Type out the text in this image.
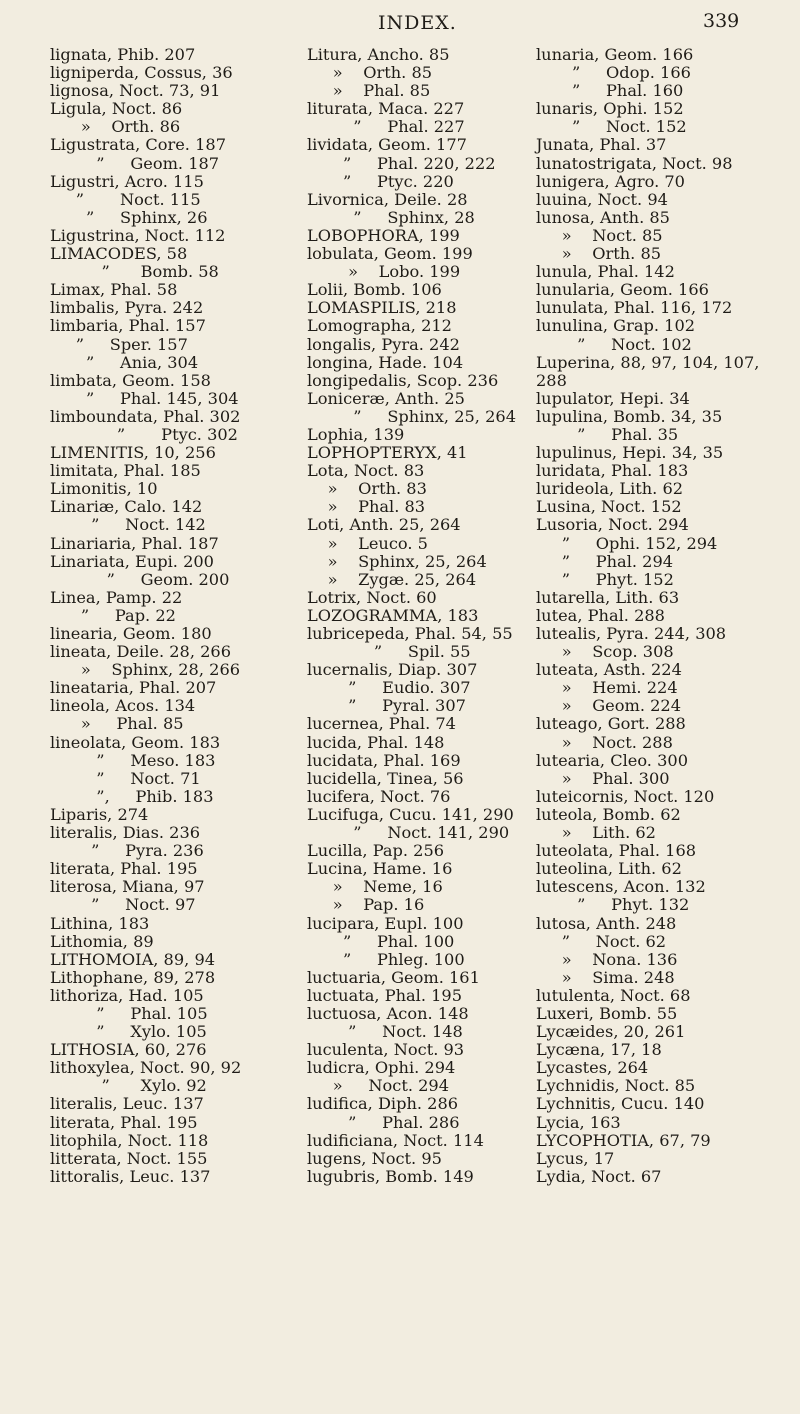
INDEX.	339
lignata, Phib. 207
ligniperda, Cossus, 36
lignosa, Noct. 73, 91
Ligula, Noct. 86
»    Orth. 86
Ligustrata, Core. 187
”     Geom. 187
Ligustri, Acro. 115
”       Noct. 115
”     Sphinx, 26
Ligustrina, Noct. 112
LIMACODES, 58
”      Bomb. 58
Limax, Phal. 58
limbalis, Pyra. 242
limbaria, Phal. 157
”     Sper. 157
”     Ania, 304
limbata, Geom. 158
”     Phal. 145, 304
limboundata, Phal. 302
”       Ptyc. 302
LIMENITIS, 10, 256
limitata, Phal. 185
Limonitis, 10
Linariæ, Calo. 142
”     Noct. 142
Linariaria, Phal. 187
Linariata, Eupi. 200
”     Geom. 200
Linea, Pamp. 22
”     Pap. 22
linearia, Geom. 180
lineata, Deile. 28, 266
»    Sphinx, 28, 266
lineataria, Phal. 207
lineola, Acos. 134
»     Phal. 85
lineolata, Geom. 183
”     Meso. 183
”     Noct. 71
”,     Phib. 183
Liparis, 274
literalis, Dias. 236
”     Pyra. 236
literata, Phal. 195
literosa, Miana, 97
”     Noct. 97
Lithina, 183
Lithomia, 89
LITHOMOIA, 89, 94
Lithophane, 89, 278
lithoriza, Had. 105
”     Phal. 105
”     Xylo. 105
LITHOSIA, 60, 276
lithoxylea, Noct. 90, 92
”      Xylo. 92
literalis, Leuc. 137
literata, Phal. 195
litophila, Noct. 118
litterata, Noct. 155
littoralis, Leuc. 137
Litura, Ancho. 85
»    Orth. 85
»    Phal. 85
liturata, Maca. 227
”     Phal. 227
lividata, Geom. 177
”     Phal. 220, 222
”     Ptyc. 220
Livornica, Deile. 28
”     Sphinx, 28
LOBOPHORA, 199
lobulata, Geom. 199
»    Lobo. 199
Lolii, Bomb. 106
LOMASPILIS, 218
Lomographa, 212
longalis, Pyra. 242
longina, Hade. 104
longipedalis, Scop. 236
Loniceræ, Anth. 25
”     Sphinx, 25, 264
Lophia, 139
LOPHOPTERYX, 41
Lota, Noct. 83
»    Orth. 83
»    Phal. 83
Loti, Anth. 25, 264
»    Leuco. 5
»    Sphinx, 25, 264
»    Zygæ. 25, 264
Lotrix, Noct. 60
LOZOGRAMMA, 183
lubricepeda, Phal. 54, 55
”     Spil. 55
lucernalis, Diap. 307
”     Eudio. 307
”     Pyral. 307
lucernea, Phal. 74
lucida, Phal. 148
lucidata, Phal. 169
lucidella, Tinea, 56
lucifera, Noct. 76
Lucifuga, Cucu. 141, 290
”     Noct. 141, 290
Lucilla, Pap. 256
Lucina, Hame. 16
»    Neme, 16
»    Pap. 16
lucipara, Eupl. 100
”     Phal. 100
”     Phleg. 100
luctuaria, Geom. 161
luctuata, Phal. 195
luctuosa, Acon. 148
”     Noct. 148
luculenta, Noct. 93
ludicra, Ophi. 294
»     Noct. 294
ludifica, Diph. 286
”     Phal. 286
ludificiana, Noct. 114
lugens, Noct. 95
lugubris, Bomb. 149
lunaria, Geom. 166
”     Odop. 166
”     Phal. 160
lunaris, Ophi. 152
”     Noct. 152
Junata, Phal. 37
lunatostrigata, Noct. 98
lunigera, Agro. 70
luuina, Noct. 94
lunosa, Anth. 85
»    Noct. 85
»    Orth. 85
lunula, Phal. 142
lunularia, Geom. 166
lunulata, Phal. 116, 172
lunulina, Grap. 102
”     Noct. 102
Luperina, 88, 97, 104, 107,
288
lupulator, Hepi. 34
lupulina, Bomb. 34, 35
”     Phal. 35
lupulinus, Hepi. 34, 35
luridata, Phal. 183
lurideola, Lith. 62
Lusina, Noct. 152
Lusoria, Noct. 294
”     Ophi. 152, 294
”     Phal. 294
”     Phyt. 152
lutarella, Lith. 63
lutea, Phal. 288
lutealis, Pyra. 244, 308
»    Scop. 308
luteata, Asth. 224
»    Hemi. 224
»    Geom. 224
luteago, Gort. 288
»    Noct. 288
lutearia, Cleo. 300
»    Phal. 300
luteicornis, Noct. 120
luteola, Bomb. 62
»    Lith. 62
luteolata, Phal. 168
luteolina, Lith. 62
lutescens, Acon. 132
”     Phyt. 132
lutosa, Anth. 248
”     Noct. 62
»    Nona. 136
»    Sima. 248
lutulenta, Noct. 68
Luxeri, Bomb. 55
Lycæides, 20, 261
Lycæna, 17, 18
Lycastes, 264
Lychnidis, Noct. 85
Lychnitis, Cucu. 140
Lycia, 163
LYCOPHOTIA, 67, 79
Lycus, 17
Lydia, Noct. 67
